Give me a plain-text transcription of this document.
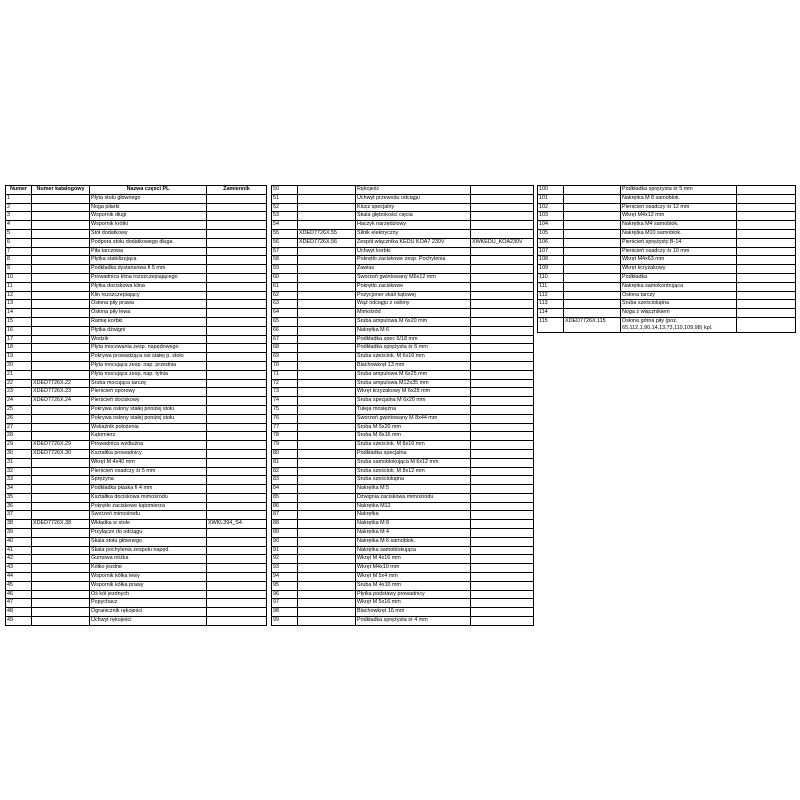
Numer	Numer katalogowy	Nazwa części PL	Zamiennik
1		Płyta stołu głównego	
2		Noga piłarki	
3		Wspornik długi	
4		Wspornik krótki	
5		Stół dodatkowy	
6		Podpora stołu dodatkowego długa	
7		Piła tarczowa	
8		Płytka stabilizująca	
9		Podkładka dystansowa fi 5 mm	
10		Prowadnica klina rozszczepiającego	
11		Płytka dociskowa klina	
12		Klin rozszczepiający	
13		Osłona piły prawa	
14		Osłona piły lewa	
15		Ramię korbki	
16		Płytka dźwigni	
17		Wodzik	
18		Płyta mocowania zesp. napędowego	
19		Pokrywa prowadząca osi stałej p. stołu	
20		Płyta mocująca zesp. nap. przednia	
21		Płyta mocująca zesp. nap. tylnia	
22	XDED7726X.22	Śruba mocująca tarczę	
23	XDED7726X.23	Pierścień oporowy	
24	XDED7726X.24	Pierścień dociskowy	
25		Pokrywa osłony stałej poniżej stołu	
26		Pokrywa osłony stałej poniżej stołu	
27		Wskaźnik położenia	
28		Kątomierz	
29	XDED7726X.29	Prowadnica wzdłużna	
30	XDED7726X.30	Kształtka prowadnicy	
31		Wkręt M 4x40 mm	
32		Pierścień osadczy śr 5 mm	
33		Sprężyna	
34		Podkładka płaska fi 4 mm	
35		Kształtka dociskowa mimośrodu	
36		Pokrętło zaciskowe kątomierza	
37		Sworzeń mimośrodu	
38	XDED7726X.38	Wkładka w stole	XWKL394_S4
39		Przyłącze do odciągu	
40		Skala stołu głównego	
41		Skala pochylenia zespołu napęd.	
42		Gumowa nóżka	
43		Kółko jezdne	
44		Wspornik kółka lewy	
45		Wspornik kółka prawy	
46		Oś kół jezdnych	
47		Popychacz	
48		Ogranicznik rękojeści	
49		Uchwyt rękojeści	
50		Rękojeść	
51		Uchwyt przewodu odciągu	
52		Klucz specjalny	
53		Skala głębokości cięcia	
54		Haczyk narzędziowy	
55	XDED7726X.55	Silnik elektryczny	
56	XDED7726X.56	Zespół włącznika KEDU KOA7 230V	XWKEDU_KOA230V
57		Uchwyt korbki	
58		Pokrętło zaciskowe zesp. Pochylenia	
59		Zawias	
60		Sworzeń gwintowany M6x12 mm	
61		Pokrętło zaciskowe	
62		Pozycjoner skali kątowej	
63		Wąż odciągu z osłony	
64		Mimośród	
65		Śruba ampulowa M 6x20 mm	
66		Nakrętka M 6	
67		Podkładka spec 6/18 mm	
68		Podkładka sprężysta śr 6 mm	
69		Śruba sześciok. M 6x16 mm	
70		Blachowkręt 13 mm	
71		Śruba ampulowa M 6x25 mm	
72		Śruba ampulowa M12x35 mm	
73		Wkręt krzyżakowy M 6x25 mm	
74		Śruba specjalna M 6x20 mm	
75		Tuleja mosiężna	
76		Sworzeń gwintowany M 8x44 mm	
77		Śruba M 5x20 mm	
78		Śruba M 8x16 mm	
79		Śruba sześciok. M 8x16 mm	
80		Podkładka specjalna	
81		Śruba samoblokująca M 6x12 mm	
82		Śruba sześciok. M 8x12 mm	
83		Śruba sześciokątna	
84		Nakrętka M 5	
85		Dźwignia zaciskowa mimośrodu	
86		Nakrętka M12	
87		Nakrętka	
88		Nakrętka M 8	
89		Nakrętka M 4	
90		Nakrętka M 6 samoblok.	
91		Nakrętka samoblokująca	
92		Wkręt M 4x16 mm	
93		Wkręt M4x10 mm	
94		Wkręt M 5x4 mm	
95		Śruba M 4x10 mm	
96		Płytka podstawy prowadnicy	
97		Wkręt M 5x16 mm	
98		Blachowkręt 16 mm	
99		Podkładka sprężysta śr 4 mm	
100		Podkładka sprężysta śr 5 mm	
101		Nakrętka M 8 samoblok.	
102		Pierścień osadczy śr 12 mm	
103		Wkręt M4x12 mm	
104		Nakrętka M4 samoblok.	
105		Nakrętka M10 samoblok.	
106		Pierścień sprężysty B-14	
107		Pierścień osadczy śr 10 mm	
108		Wkręt M4x63 mm	
109		Wkręt krzyżakowy	
110		Podkładka	
111		Nakrętka samokontrująca	
112		Osłona tarczy	
113		Śruba sześciokątna	
114		Noga z włącznikiem	
115	XDED7726X.115	Osłona górna piły (poz. 65,112,1,90,14,13,73,110,109,98) kpl.	
